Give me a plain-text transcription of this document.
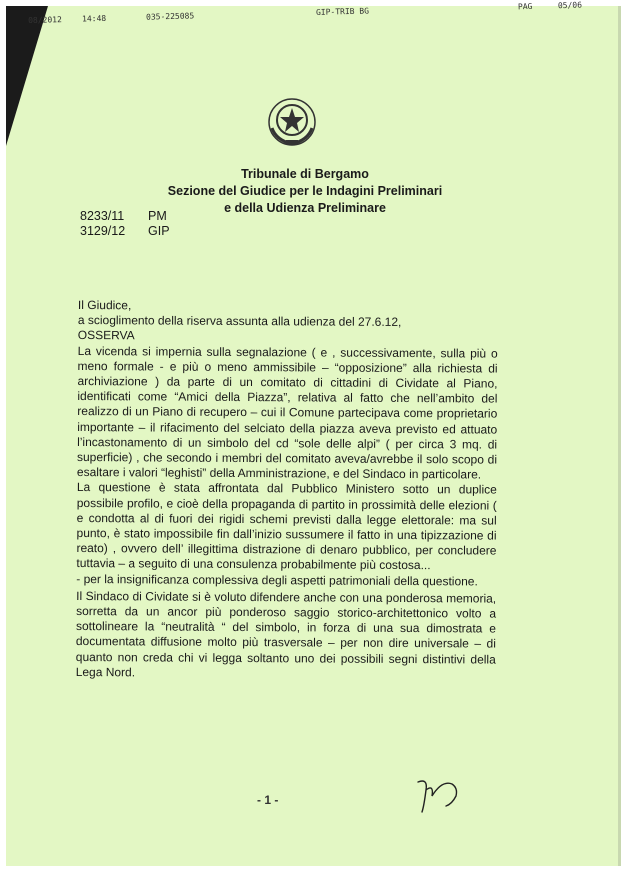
08/2012	14:48	035-225085	GIP-TRIB BG	PAG	05/06
Tribunale di Bergamo
Sezione del Giudice per le Indagini Preliminari
e della Udienza Preliminare
8233/11	PM
3129/12	GIP

Il Giudice,

a scioglimento della riserva assunta alla udienza del 27.6.12,

OSSERVA

La vicenda si impernia sulla segnalazione ( e , successivamente, sulla più o meno formale - e più o meno ammissibile – “opposizione” alla richiesta di archiviazione ) da parte di un comitato di cittadini di Cividate al Piano, identificati come “Amici della Piazza”, relativa al fatto che nell’ambito del realizzo di un Piano di recupero – cui il Comune partecipava come proprietario importante – il rifacimento del selciato della piazza aveva previsto ed attuato l’incastonamento di un simbolo del cd “sole delle alpi” ( per circa 3 mq. di superficie) , che secondo i membri del comitato aveva/avrebbe il solo scopo di esaltare i valori “leghisti” della Amministrazione, e del Sindaco in particolare.

La questione è stata affrontata dal Pubblico Ministero sotto un duplice possibile profilo, e cioè della propaganda di partito in prossimità delle elezioni ( e condotta al di fuori dei rigidi schemi previsti dalla legge elettorale: ma sul punto, è stato impossibile fin dall’inizio sussumere il fatto in una tipizzazione di reato) , ovvero dell’ illegittima distrazione di denaro pubblico, per concludere tuttavia – a seguito di una consulenza probabilmente più costosa...

- per la insignificanza complessiva degli aspetti patrimoniali della questione.

Il Sindaco di Cividate si è voluto difendere anche con una ponderosa memoria, sorretta da un ancor più ponderoso saggio storico-architettonico volto a sottolineare la “neutralità “ del simbolo, in forza di una sua dimostrata e documentata diffusione molto più trasversale – per non dire universale – di quanto non creda chi vi legga soltanto uno dei possibili segni distintivi della Lega Nord.

- 1 -
